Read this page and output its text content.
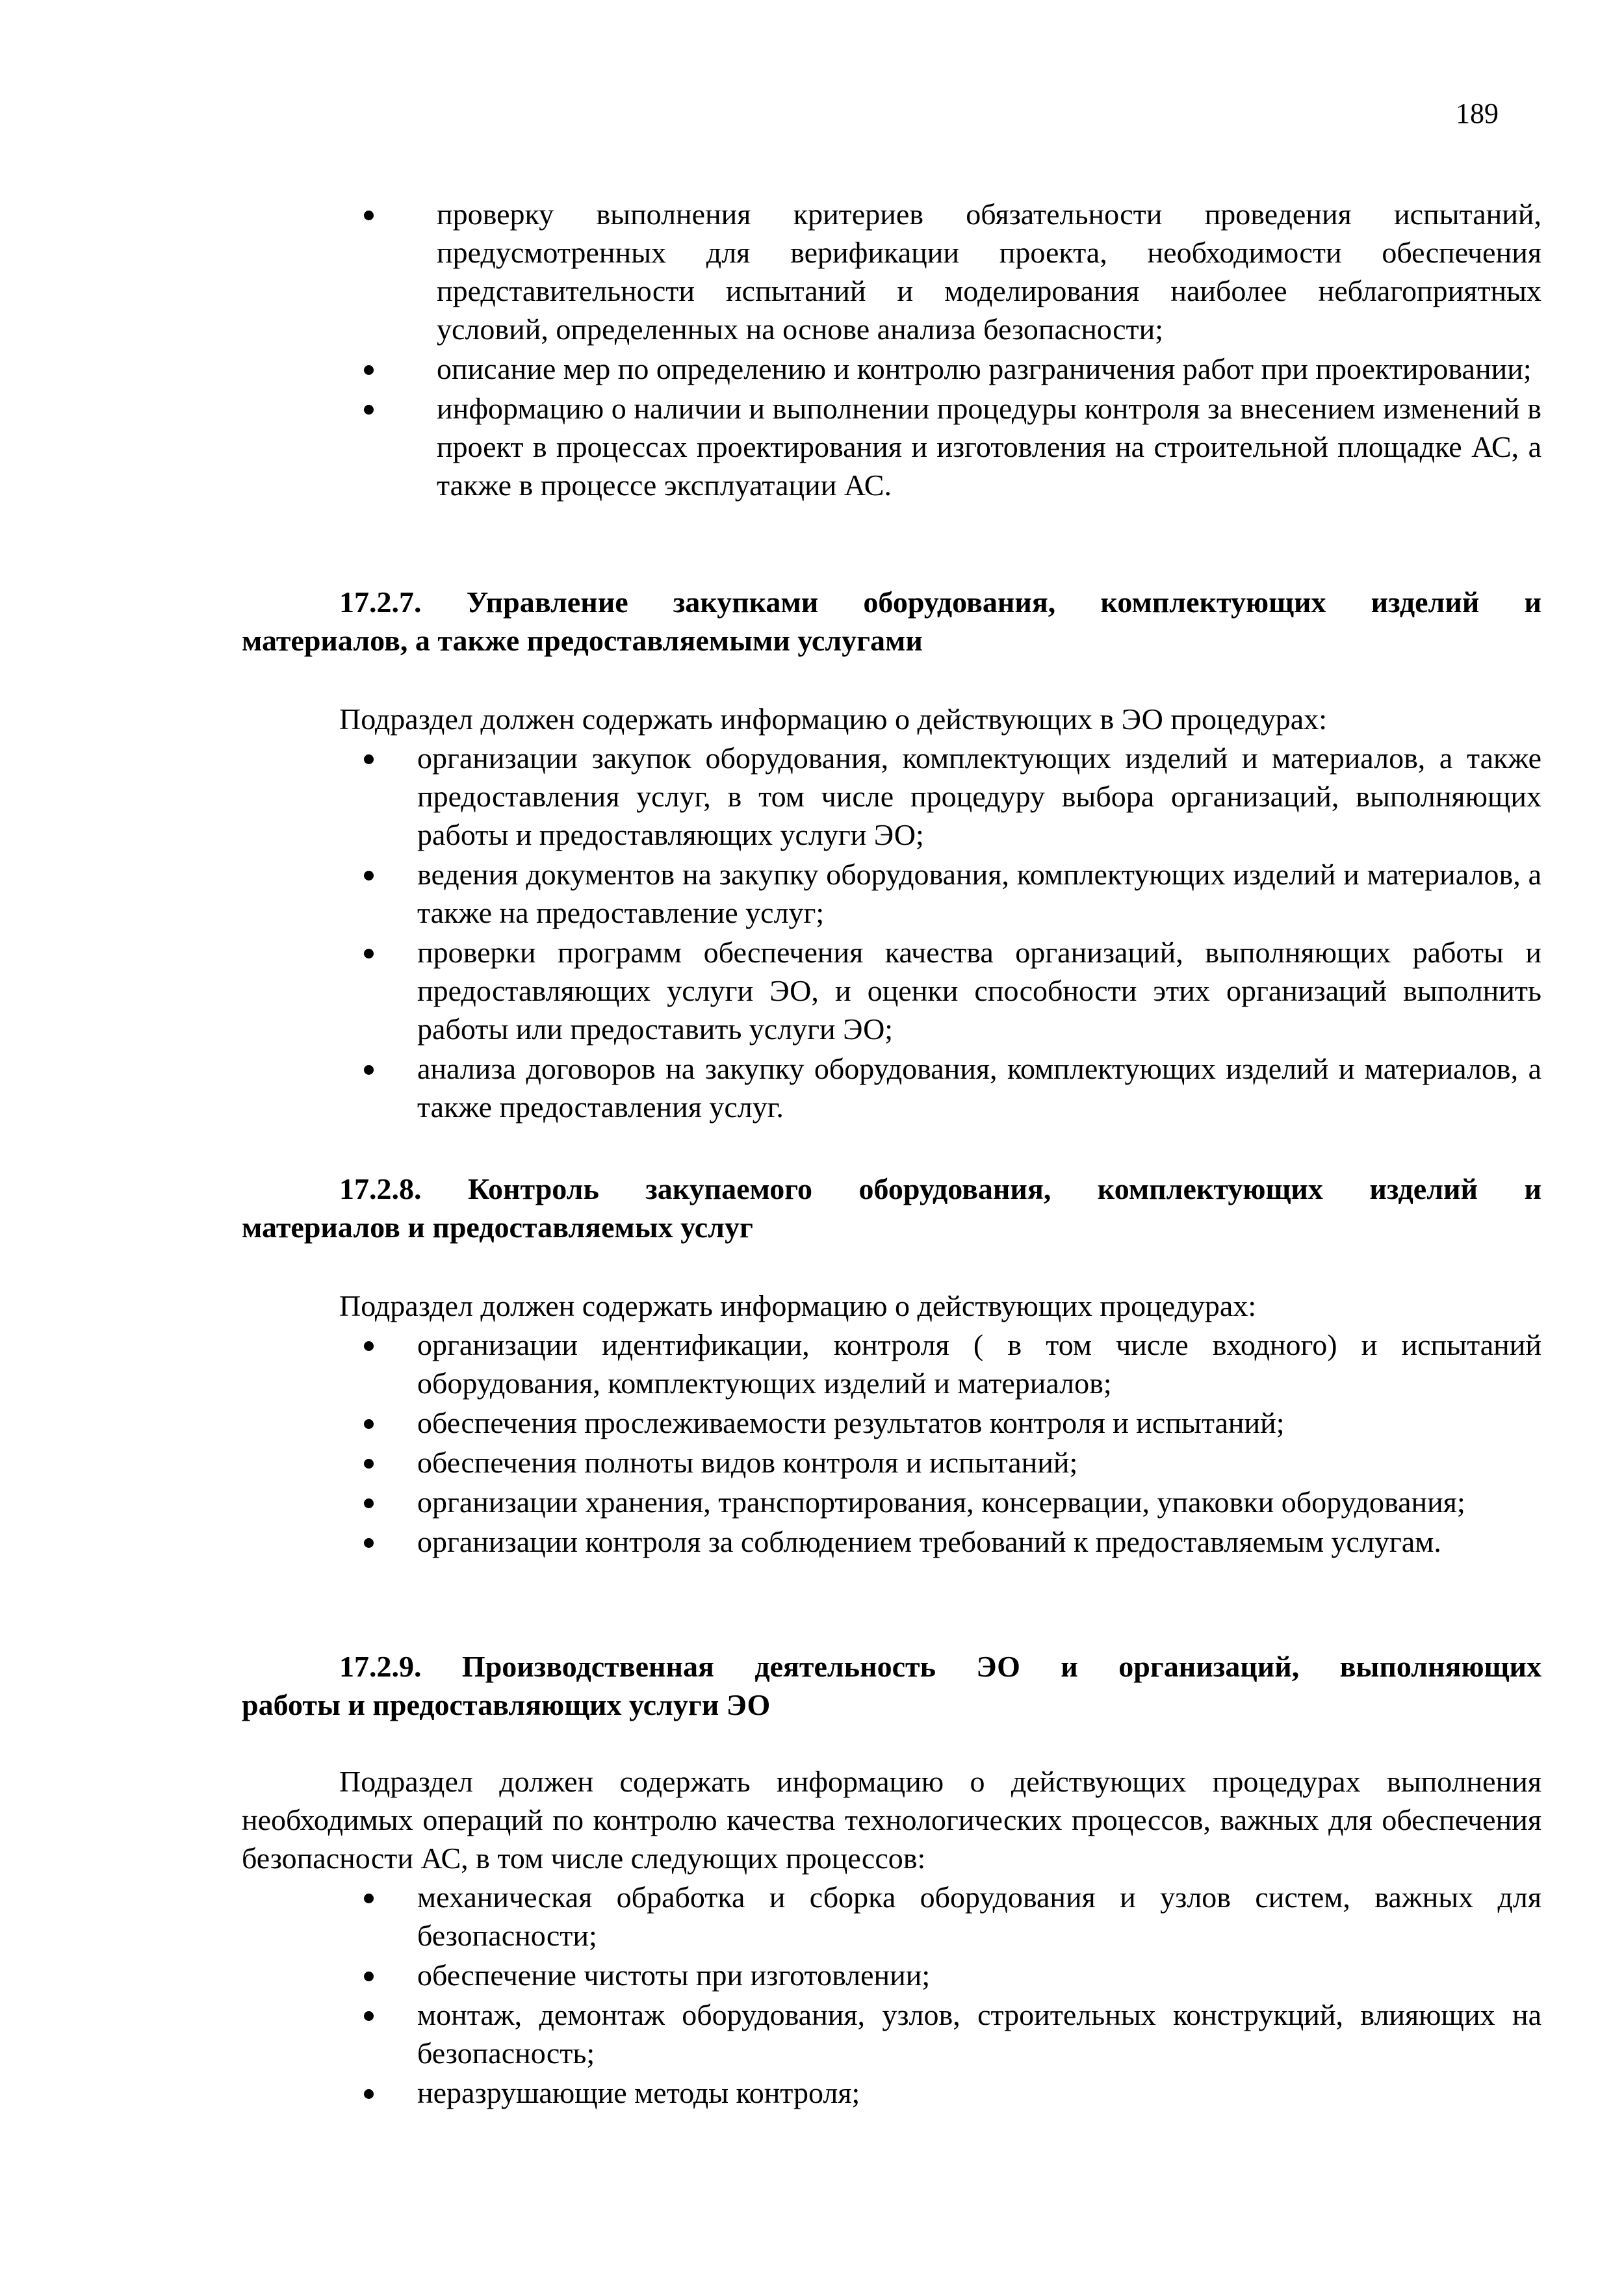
189
проверку выполнения критериев обязательности проведения испытаний, предусмотренных для верификации проекта, необходимости обеспечения представительности испытаний и моделирования наиболее неблагоприятных условий, определенных на основе анализа безопасности;
описание мер по определению и контролю разграничения работ при проектировании;
информацию о наличии и выполнении процедуры контроля за внесением изменений в проект в процессах проектирования и изготовления на строительной площадке АС, а также в процессе эксплуатации АС.
17.2.7. Управление закупками оборудования, комплектующих изделий и
материалов, а также предоставляемыми услугами
Подраздел должен содержать информацию о действующих в ЭО процедурах:
организации закупок оборудования, комплектующих изделий и материалов, а также предоставления услуг, в том числе процедуру выбора организаций, выполняющих работы и предоставляющих услуги ЭО;
ведения документов на закупку оборудования, комплектующих изделий и материалов, а также на предоставление услуг;
проверки программ обеспечения качества организаций, выполняющих работы и предоставляющих услуги ЭО, и оценки способности этих организаций выполнить работы или предоставить услуги ЭО;
анализа договоров на закупку оборудования, комплектующих изделий и материалов, а также предоставления услуг.
17.2.8. Контроль закупаемого оборудования, комплектующих изделий и
материалов и предоставляемых услуг
Подраздел должен содержать информацию о действующих процедурах:
организации идентификации, контроля ( в том числе входного) и испытаний оборудования, комплектующих изделий и материалов;
обеспечения прослеживаемости результатов контроля и испытаний;
обеспечения полноты видов контроля и испытаний;
организации хранения, транспортирования, консервации, упаковки оборудования;
организации контроля за соблюдением требований к предоставляемым услугам.
17.2.9. Производственная деятельность ЭО и организаций, выполняющих
работы и предоставляющих услуги ЭО
Подраздел должен содержать информацию о действующих процедурах выполнения необходимых операций по контролю качества технологических процессов, важных для обеспечения безопасности АС, в том числе следующих процессов:
механическая обработка и сборка оборудования и узлов систем, важных для безопасности;
обеспечение чистоты при изготовлении;
монтаж, демонтаж оборудования, узлов, строительных конструкций, влияющих на безопасность;
неразрушающие методы контроля;
